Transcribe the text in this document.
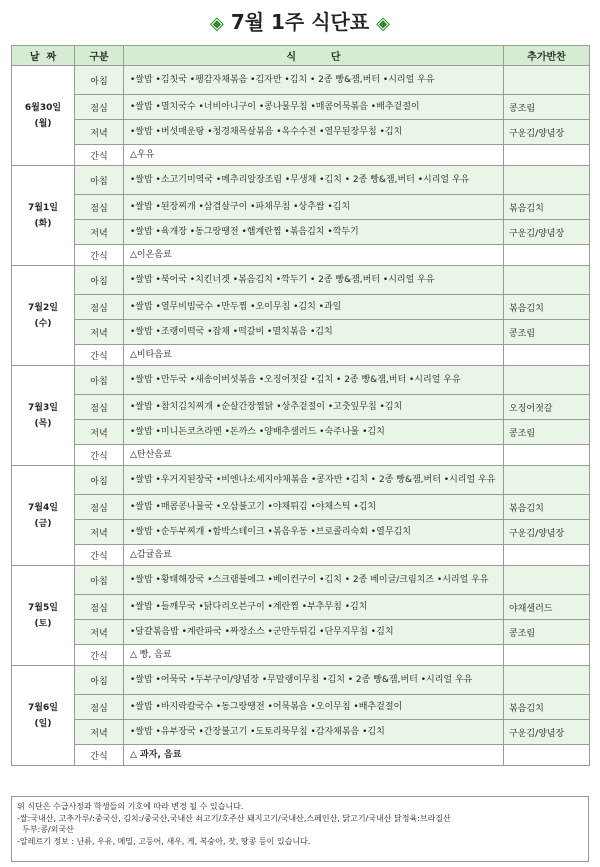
◈ 7월 1주 식단표 ◈
날  짜	구분	식          단	추가반찬

6월30일
(월)	아침	•쌀밥 •김칫국 •팽감자채볶음 •김자반 •김치 • 2종 빵&잼,버터 •시리얼 우유	
	점심	•쌀밥 •멸치국수 •너비아니구이 •콩나물무침 •매콤어묵볶음 •배추겉절이	콩조림
	저녁	•쌀밥 •버섯매운탕 •청경채목살볶음 •옥수수전 •열무된장무침 •김치	구운김/양념장
	간식	△우유	

7월1일
(화)	아침	•쌀밥 •소고기미역국 •메추리알장조림 •무생채 •김치 • 2종 빵&잼,버터 •시리얼 우유	
	점심	•쌀밥 •된장찌개 •삼겹살구이 •파채무침 •상추쌈 •김치	볶음김치
	저녁	•쌀밥 •육개장 •동그랑땡전 •햄계란찜 •볶음김치 •깍두기	구운김/양념장
	간식	△이온음료	

7월2일
(수)	아침	•쌀밥 •북어국 •치킨너겟 •볶음김치 •깍두기 • 2종 빵&잼,버터 •시리얼 우유	
	점심	•쌀밥 •열무비빔국수 •만두찜 •오이무침 •김치 •과일	볶음김치
	저녁	•쌀밥 •조랭이떡국 •잡채 •떡갈비 •멸치볶음 •김치	콩조림
	간식	△비타음료	

7월3일
(목)	아침	•쌀밥 •만두국 •새송이버섯볶음 •오징어젓갈 •김치 • 2종 빵&잼,버터 •시리얼 우유	
	점심	•쌀밥 •참치김치찌개 •순살간장찜닭 •상추겉절이 •고춧잎무침 •김치	오징어젓갈
	저녁	•쌀밥 •미니돈코츠라멘 •돈까스 •양배추샐러드 •숙주나물 •김치	콩조림
	간식	△탄산음료	

7월4일
(금)	아침	•쌀밥 •우거지된장국 •비엔나소세지야채볶음 •콩자반 •김치 • 2종 빵&잼,버터 •시리얼 우유	
	점심	•쌀밥 •매콤콩나물국 •오삼불고기 •야채튀김 •야채스틱 •김치	볶음김치
	저녁	•쌀밥 •순두부찌개 •함박스테이크 •볶음우동 •브로콜리숙회 •열무김치	구운김/양념장
	간식	△감귤음료	

7월5일
(토)	아침	•쌀밥 •황태해장국 •스크램블에그 •베이컨구이 •김치 • 2종 베이글/크림치즈 •시리얼 우유	
	점심	•쌀밥 •들깨무국 •닭다리오븐구이 •계란찜 •부추무침 •김치	야채샐러드
	저녁	•달걀볶음밥 •계란파국 •짜장소스 •군만두튀김 •단무지무침 •김치	콩조림
	간식	△ 빵, 음료	

7월6일
(일)	아침	•쌀밥 •어묵국 •두부구이/양념장 •무말랭이무침 •김치 • 2종 빵&잼,버터 •시리얼 우유	
	점심	•쌀밥 •바지락칼국수 •동그랑땡전 •어묵볶음 •오이무침 •배추겉절이	볶음김치
	저녁	•쌀밥 •유부장국 •간장불고기 •도토리묵무침 •감자채볶음 •김치	구운김/양념장
	간식	△ 과자, 음료	
위 식단은 수급사정과 학생들의 기호에 따라 변경 될 수 있습니다.
-쌀:국내산, 고추가루/:중국산, 김치:/중국산,국내산 쇠고기/호주산 돼지고기/국내산,스페인산, 닭고기/국내산 닭정육:브라질산
두부:콩/외국산
-알레르기 정보 : 난류, 우유, 메밀, 고등어, 새우, 게, 복숭아, 잣, 땅콩 등이 있습니다.
